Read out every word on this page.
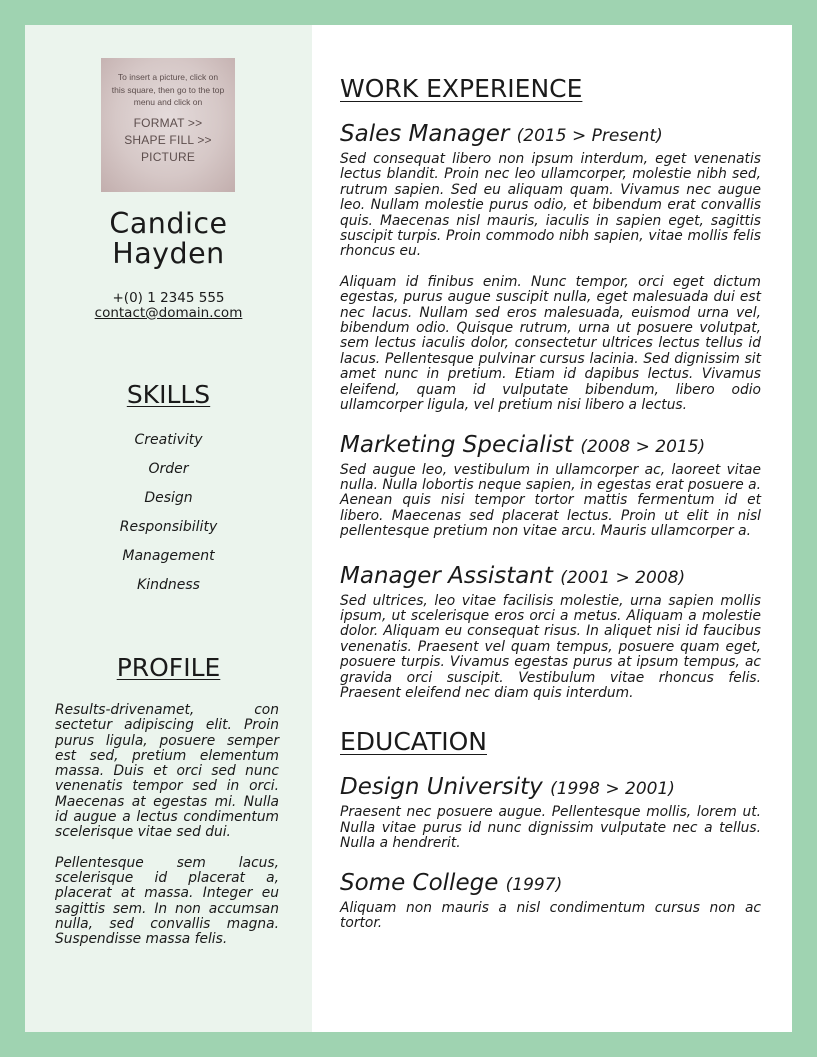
To insert a picture, click on this square, then go to the top menu and click on
FORMAT >>
SHAPE FILL >>
PICTURE
Candice
Hayden
+(0) 1 2345 555
contact@domain.com
SKILLS
Creativity
Order
Design
Responsibility
Management
Kindness
PROFILE

Results-drivenamet, con sectetur adipiscing elit. Proin purus ligula, posuere semper est sed, pretium elementum massa. Duis et orci sed nunc venenatis tempor sed in orci. Maecenas at egestas mi. Nulla id augue a lectus condimentum scelerisque vitae sed dui.

Pellentesque sem lacus, scelerisque id placerat a, placerat at massa. Integer eu sagittis sem. In non accumsan nulla, sed convallis magna. Suspendisse massa felis.

WORK EXPERIENCE
Sales Manager (2015 > Present)

Sed consequat libero non ipsum interdum, eget venenatis lectus blandit. Proin nec leo ullamcorper, molestie nibh sed, rutrum sapien. Sed eu aliquam quam. Vivamus nec augue leo. Nullam molestie purus odio, et bibendum erat convallis quis. Maecenas nisl mauris, iaculis in sapien eget, sagittis suscipit turpis. Proin commodo nibh sapien, vitae mollis felis rhoncus eu.

Aliquam id finibus enim. Nunc tempor, orci eget dictum egestas, purus augue suscipit nulla, eget malesuada dui est nec lacus. Nullam sed eros malesuada, euismod urna vel, bibendum odio. Quisque rutrum, urna ut posuere volutpat, sem lectus iaculis dolor, consectetur ultrices lectus tellus id lacus. Pellentesque pulvinar cursus lacinia. Sed dignissim sit amet nunc in pretium. Etiam id dapibus lectus. Vivamus eleifend, quam id vulputate bibendum, libero odio ullamcorper ligula, vel pretium nisi libero a lectus.

Marketing Specialist (2008 > 2015)

Sed augue leo, vestibulum in ullamcorper ac, laoreet vitae nulla. Nulla lobortis neque sapien, in egestas erat posuere a. Aenean quis nisi tempor tortor mattis fermentum id et libero. Maecenas sed placerat lectus. Proin ut elit in nisl pellentesque pretium non vitae arcu. Mauris ullamcorper a.

Manager Assistant (2001 > 2008)

Sed ultrices, leo vitae facilisis molestie, urna sapien mollis ipsum, ut scelerisque eros orci a metus. Aliquam a molestie dolor. Aliquam eu consequat risus. In aliquet nisi id faucibus venenatis. Praesent vel quam tempus, posuere quam eget, posuere turpis. Vivamus egestas purus at ipsum tempus, ac gravida orci suscipit. Vestibulum vitae rhoncus felis. Praesent eleifend nec diam quis interdum.

EDUCATION
Design University (1998 > 2001)

Praesent nec posuere augue. Pellentesque mollis, lorem ut. Nulla vitae purus id nunc dignissim vulputate nec a tellus. Nulla a hendrerit.

Some College (1997)

Aliquam non mauris a nisl condimentum cursus non ac tortor.
